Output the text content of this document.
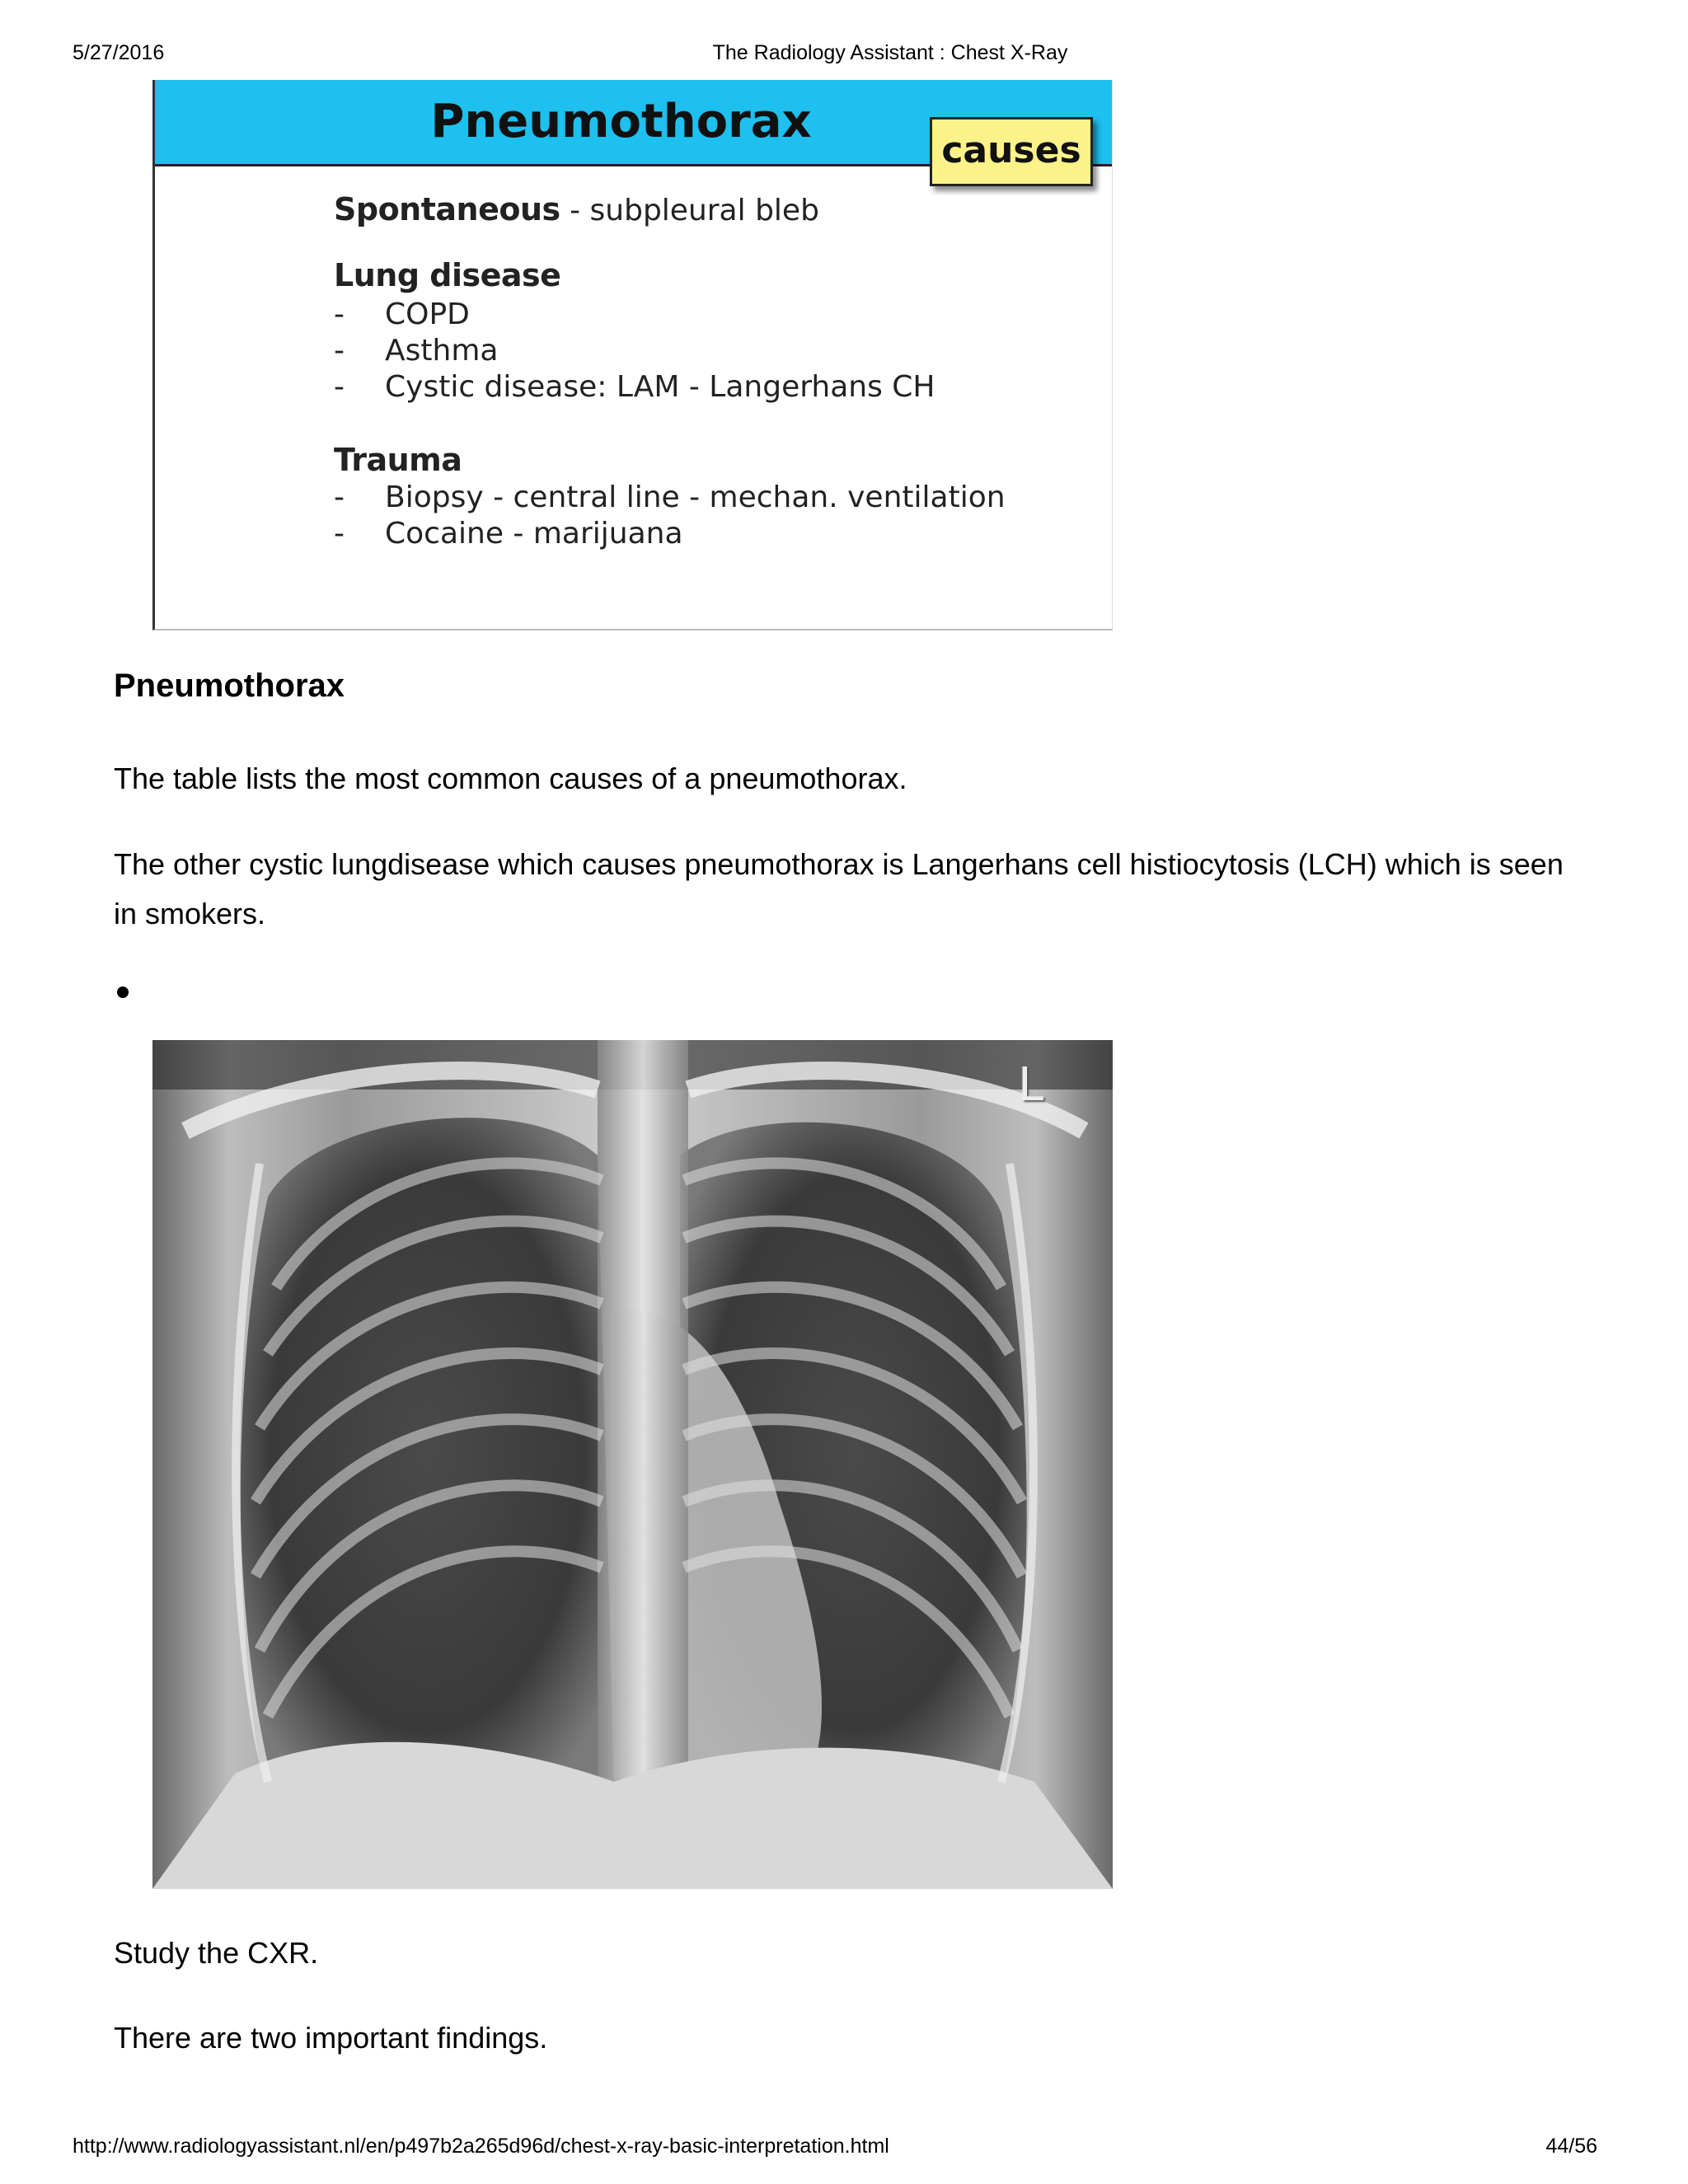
5/27/2016	The Radiology Assistant : Chest X-Ray
Pneumothorax
causes
Spontaneous - subpleural bleb
Lung disease
- COPD
- Asthma
- Cystic disease: LAM - Langerhans CH
Trauma
- Biopsy - central line - mechan. ventilation
- Cocaine - marijuana
Pneumothorax
The table lists the most common causes of a pneumothorax.
The other cystic lungdisease which causes pneumothorax is Langerhans cell histiocytosis (LCH) which is seen in smokers.
L
Study the CXR.
There are two important findings.
http://www.radiologyassistant.nl/en/p497b2a265d96d/chest-x-ray-basic-interpretation.html	44/56
